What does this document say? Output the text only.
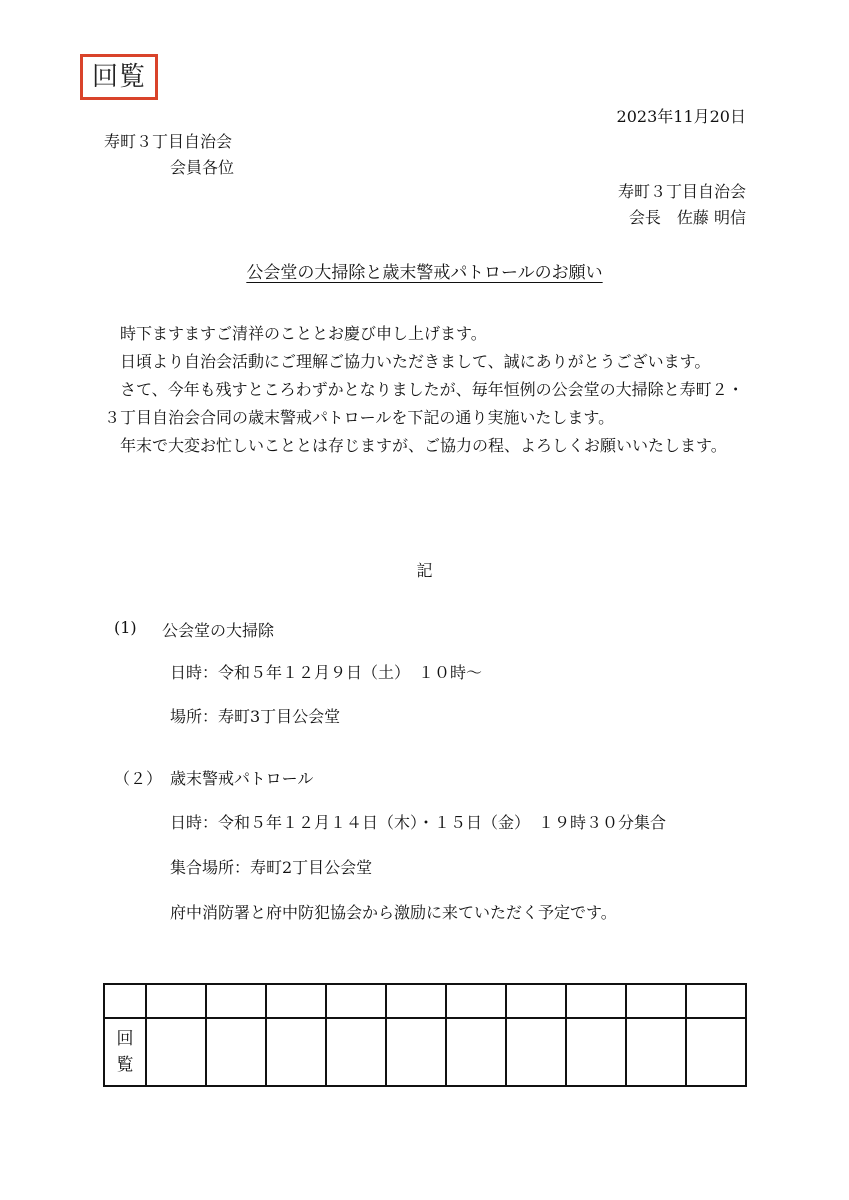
回覧
2023年11月20日
寿町３丁目自治会
会員各位
寿町３丁目自治会
会長　佐藤 明信
公会堂の大掃除と歳末警戒パトロールのお願い

時下ますますご清祥のこととお慶び申し上げます。

日頃より自治会活動にご理解ご協力いただきまして、誠にありがとうございます。

さて、今年も残すところわずかとなりましたが、毎年恒例の公会堂の大掃除と寿町２・３丁目自治会合同の歳末警戒パトロールを下記の通り実施いたします。

年末で大変お忙しいこととは存じますが、ご協力の程、よろしくお願いいたします。

記
(1) 公会堂の大掃除
日時：令和５年１２月９日（土）　１０時～
場所：寿町3丁目公会堂
（２） 歳末警戒パトロール
日時：令和５年１２月１４日（木）・１５日（金）　１９時３０分集合
集合場所：寿町2丁目公会堂
府中消防署と府中防犯協会から激励に来ていただく予定です。

回
覧										
